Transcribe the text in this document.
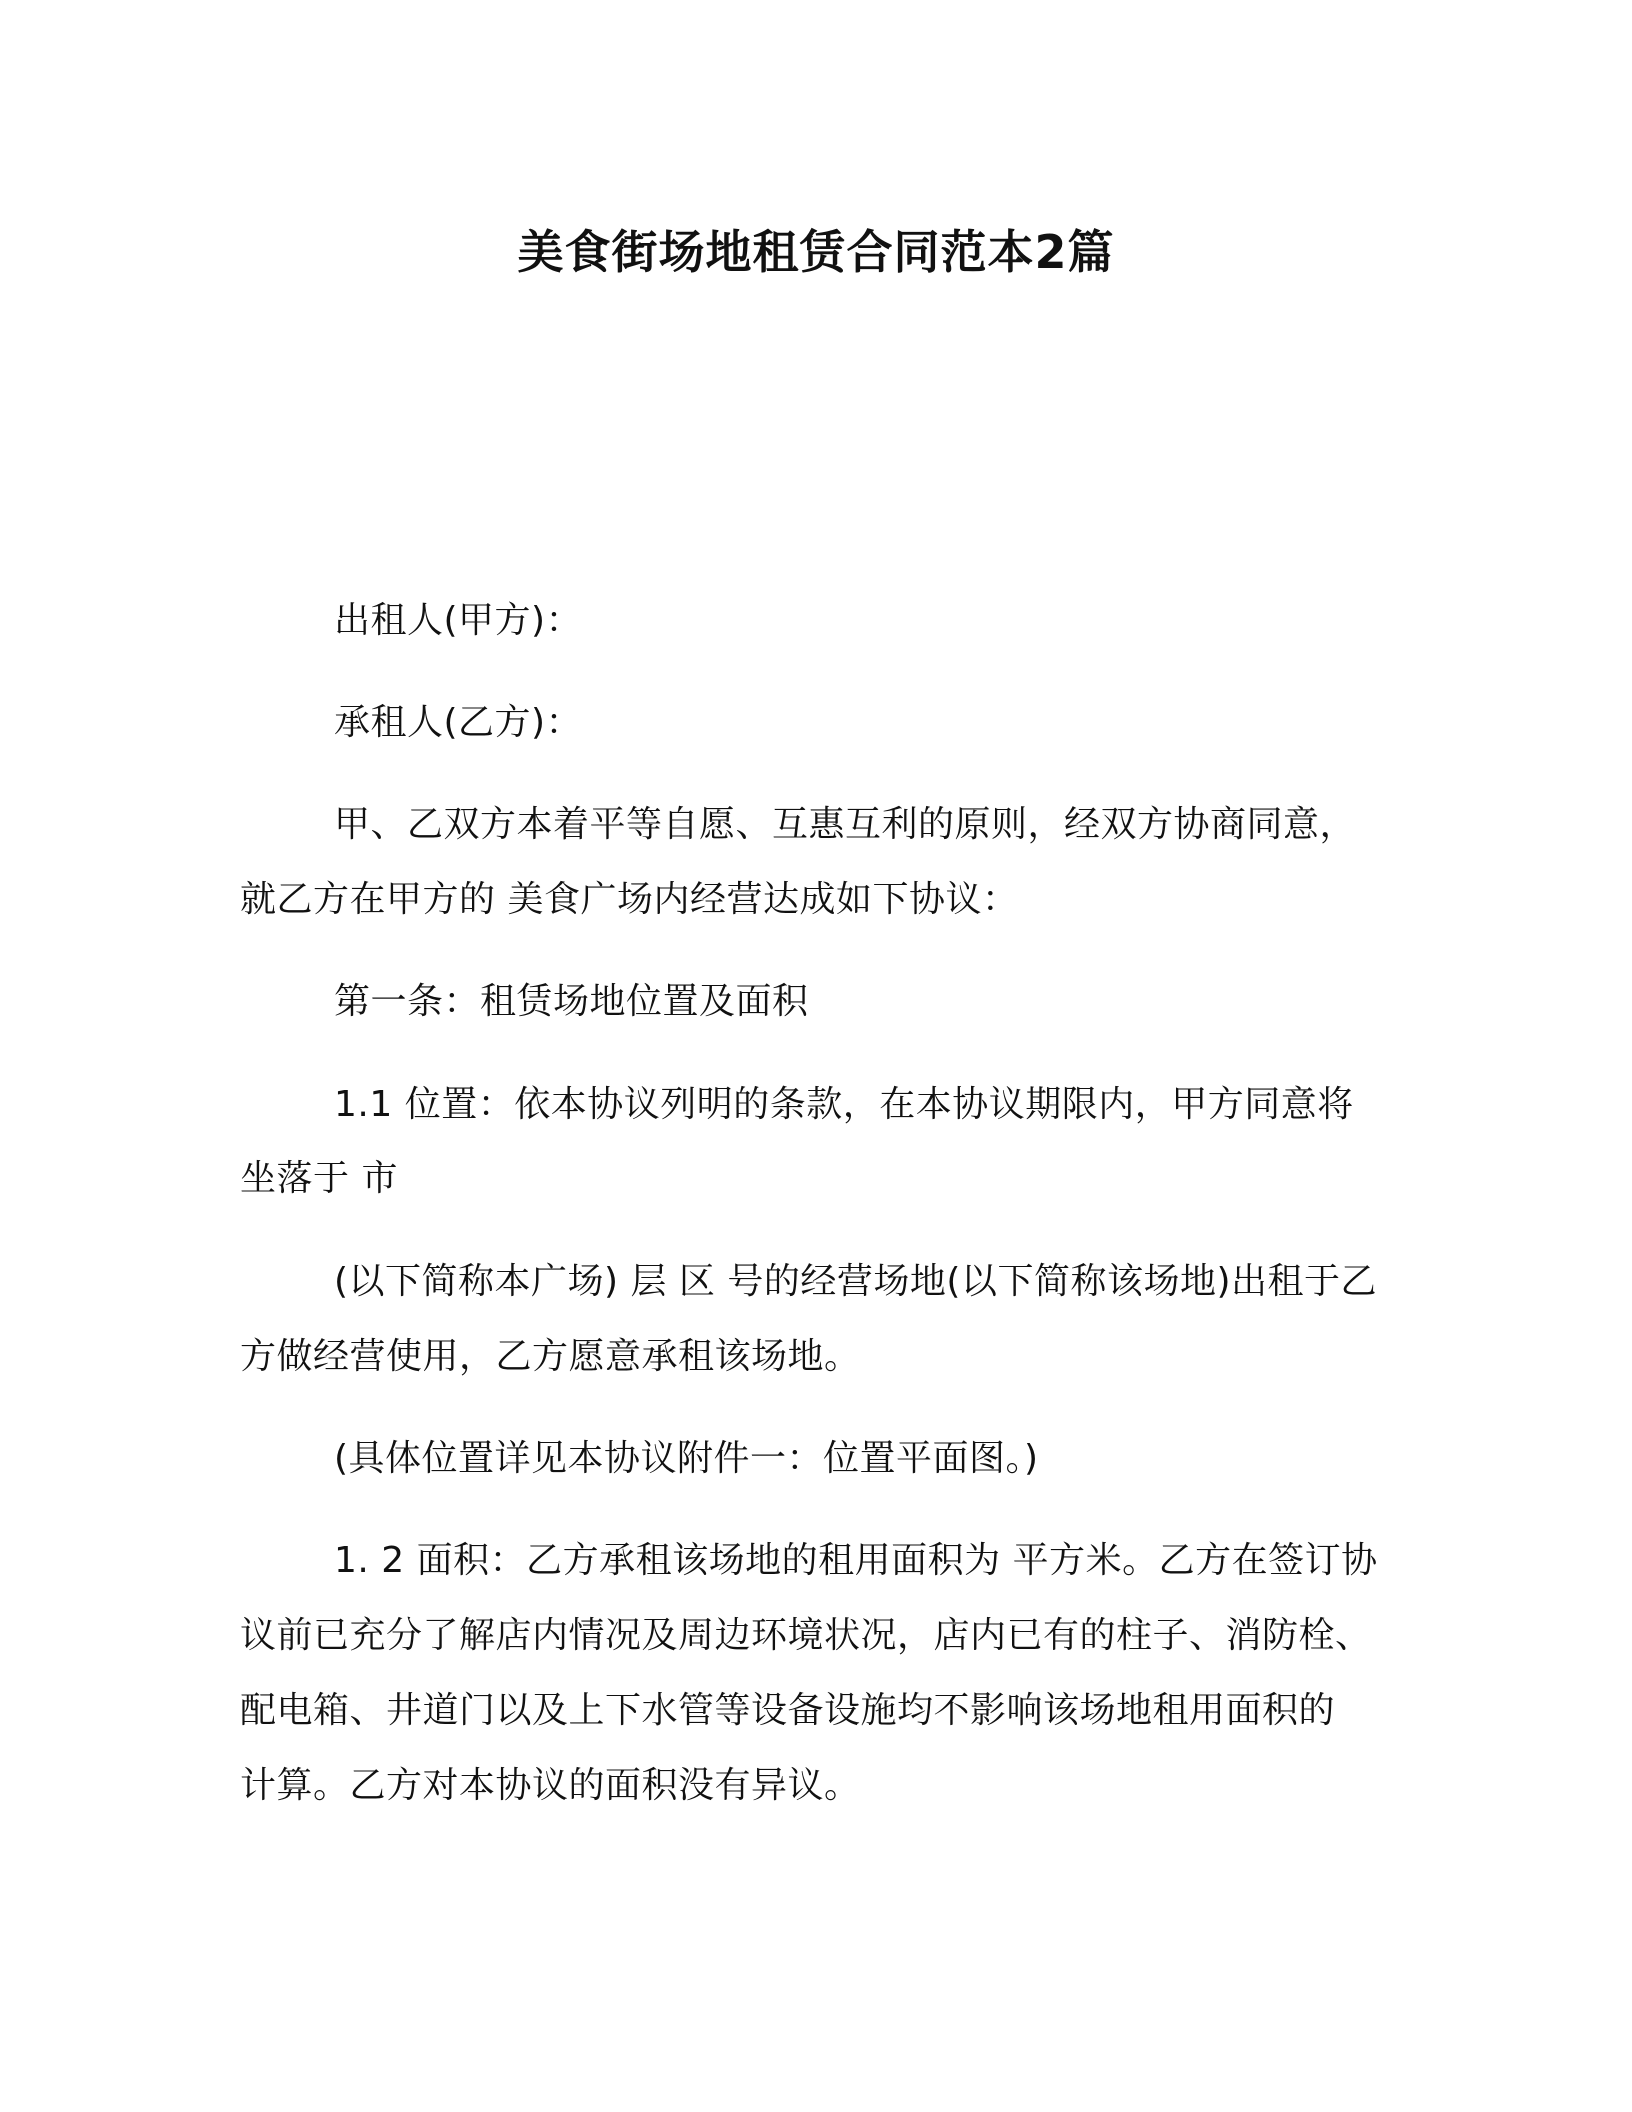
美食街场地租赁合同范本2篇
出租人(甲方)：
承租人(乙方)：
甲、乙双方本着平等自愿、互惠互利的原则，经双方协商同意，
就乙方在甲方的 美食广场内经营达成如下协议：
第一条：租赁场地位置及面积
1.1 位置：依本协议列明的条款，在本协议期限内，甲方同意将
坐落于 市
(以下简称本广场) 层 区 号的经营场地(以下简称该场地)出租于乙
方做经营使用，乙方愿意承租该场地。
(具体位置详见本协议附件一：位置平面图。)
1. 2 面积：乙方承租该场地的租用面积为 平方米。乙方在签订协
议前已充分了解店内情况及周边环境状况，店内已有的柱子、消防栓、
配电箱、井道门以及上下水管等设备设施均不影响该场地租用面积的
计算。乙方对本协议的面积没有异议。
